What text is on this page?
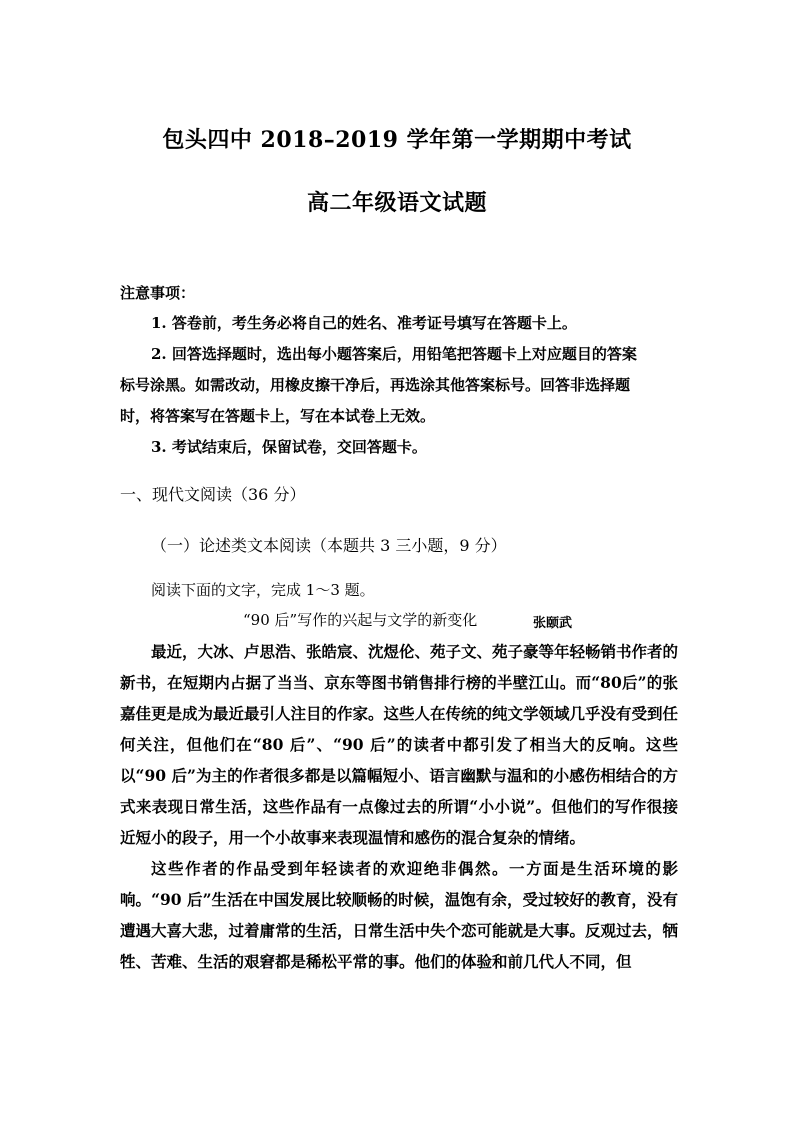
包头四中 2018–2019 学年第一学期期中考试
高二年级语文试题
注意事项：
1. 答卷前，考生务必将自己的姓名、准考证号填写在答题卡上。
2. 回答选择题时，选出每小题答案后，用铅笔把答题卡上对应题目的答案
标号涂黑。如需改动，用橡皮擦干净后，再选涂其他答案标号。回答非选择题
时，将答案写在答题卡上，写在本试卷上无效。
3. 考试结束后，保留试卷，交回答题卡。
一、现代文阅读（36 分）
（一）论述类文本阅读（本题共 3 三小题，9 分）
阅读下面的文字，完成 1～3 题。
“90 后”写作的兴起与文学的新变化	张颐武

最近，大冰、卢思浩、张皓宸、沈煜伦、苑子文、苑子豪等年轻畅销书作者的新书，在短期内占据了当当、京东等图书销售排行榜的半壁江山。而“80后”的张嘉佳更是成为最近最引人注目的作家。这些人在传统的纯文学领域几乎没有受到任何关注，但他们在“80 后”、“90 后”的读者中都引发了相当大的反响。这些以“90 后”为主的作者很多都是以篇幅短小、语言幽默与温和的小感伤相结合的方式来表现日常生活，这些作品有一点像过去的所谓“小小说”。但他们的写作很接近短小的段子，用一个小故事来表现温情和感伤的混合复杂的情绪。

这些作者的作品受到年轻读者的欢迎绝非偶然。一方面是生活环境的影响。“90 后”生活在中国发展比较顺畅的时候，温饱有余，受过较好的教育，没有遭遇大喜大悲，过着庸常的生活，日常生活中失个恋可能就是大事。反观过去，牺牲、苦难、生活的艰窘都是稀松平常的事。他们的体验和前几代人不同，但
